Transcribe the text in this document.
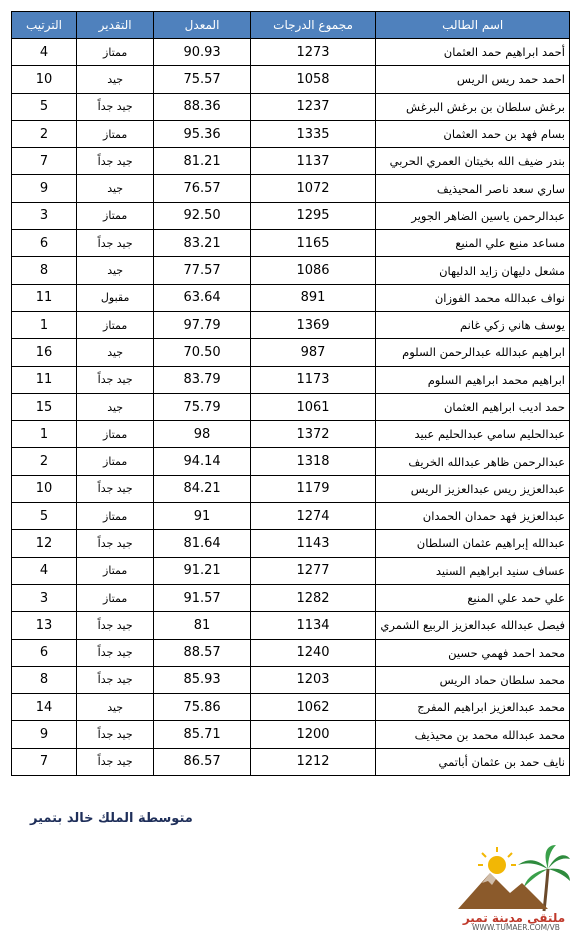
اسم الطالب	مجموع الدرجات	المعدل	التقدير	الترتيب
أحمد ابراهيم حمد العثمان	1273	90.93	ممتاز	4
احمد حمد ريس الريس	1058	75.57	جيد	10
برغش سلطان بن برغش البرغش	1237	88.36	جيد جداً	5
بسام فهد بن حمد العثمان	1335	95.36	ممتاز	2
بندر ضيف الله بخيتان العمري الحربي	1137	81.21	جيد جداً	7
ساري سعد ناصر المحيذيف	1072	76.57	جيد	9
عبدالرحمن ياسين الضاهر الجوير	1295	92.50	ممتاز	3
مساعد منيع علي المنيع	1165	83.21	جيد جداً	6
مشعل دليهان زايد الدليهان	1086	77.57	جيد	8
نواف عبدالله محمد الفوزان	891	63.64	مقبول	11
يوسف هاني زكي غانم	1369	97.79	ممتاز	1
ابراهيم عبدالله عبدالرحمن السلوم	987	70.50	جيد	16
ابراهيم محمد ابراهيم السلوم	1173	83.79	جيد جداً	11
حمد اديب ابراهيم العثمان	1061	75.79	جيد	15
عبدالحليم سامي عبدالحليم عبيد	1372	98	ممتاز	1
عبدالرحمن ظاهر عبدالله الخريف	1318	94.14	ممتاز	2
عبدالعزيز ريس عبدالعزيز الريس	1179	84.21	جيد جداً	10
عبدالعزيز فهد حمدان الحمدان	1274	91	ممتاز	5
عبدالله إبراهيم عثمان السلطان	1143	81.64	جيد جداً	12
عساف سنيد ابراهيم السنيد	1277	91.21	ممتاز	4
علي حمد علي المنيع	1282	91.57	ممتاز	3
فيصل عبدالله عبدالعزيز الربيع الشمري	1134	81	جيد جداً	13
محمد احمد فهمي حسين	1240	88.57	جيد جداً	6
محمد سلطان حماد الريس	1203	85.93	جيد جداً	8
محمد عبدالعزيز ابراهيم المفرج	1062	75.86	جيد	14
محمد عبدالله محمد بن محيذيف	1200	85.71	جيد جداً	9
نايف حمد بن عثمان أباتمي	1212	86.57	جيد جداً	7
متوسطة الملك خالد بتمير
ملتقى مدينة تمير
WWW.TUMAER.COM/VB
